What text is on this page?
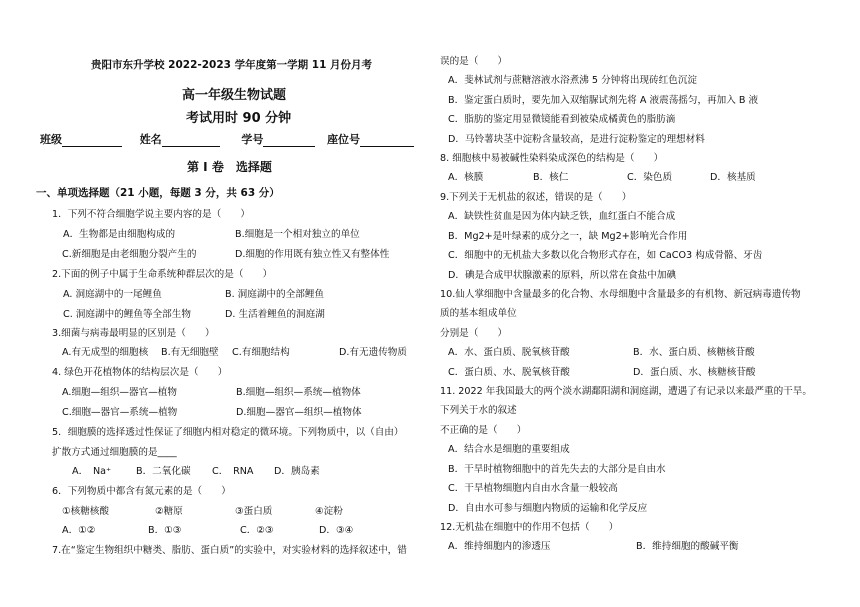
贵阳市东升学校 2022-2023 学年度第一学期 11 月份月考
高一年级生物试题
考试用时 90 分钟
班级	姓名	学号	座位号
第 Ⅰ 卷　选择题
一、单项选择题（21 小题，每题 3 分，共 63 分）
1．下列不符合细胞学说主要内容的是（　　）
A．生物都是由细胞构成的	B.细胞是一个相对独立的单位
C.新细胞是由老细胞分裂产生的	D.细胞的作用既有独立性又有整体性
2.下面的例子中属于生命系统种群层次的是（　　）
A. 洞庭湖中的一尾鲤鱼	B. 洞庭湖中的全部鲤鱼
C. 洞庭湖中的鲤鱼等全部生物	D. 生活着鲤鱼的洞庭湖
3.细菌与病毒最明显的区别是（　　）
A.有无成型的细胞核 B.有无细胞壁 C.有细胞结构	D.有无遗传物质
4. 绿色开花植物体的结构层次是（　　）
A.细胞—组织—器官—植物	B.细胞—组织—系统—植物体
C.细胞—器官—系统—植物	D.细胞—器官—组织—植物体
5．细胞膜的选择透过性保证了细胞内相对稳定的微环境。下列物质中，以（自由）
扩散方式通过细胞膜的是____
A．　Na⁺	B．二氧化碳 C．　RNA D．胰岛素
6．下列物质中都含有氮元素的是（　　）
①核糖核酸	②糖原	③蛋白质	④淀粉
A．①②	B．①③	C．②③	D．③④
7.在“鉴定生物组织中糖类、脂肪、蛋白质”的实验中，对实验材料的选择叙述中，错
误的是（　　）
A．斐林试剂与蔗糖溶液水浴煮沸 5 分钟将出现砖红色沉淀
B．鉴定蛋白质时，要先加入双缩脲试剂先将 A 液震荡摇匀，再加入 B 液
C．脂肪的鉴定用显微镜能看到被染成橘黄色的脂肪滴
D．马铃薯块茎中淀粉含量较高，是进行淀粉鉴定的理想材料
8. 细胞核中易被碱性染料染成深色的结构是（　　）
A．核膜	B．核仁	C．染色质	D．核基质
9.下列关于无机盐的叙述，错误的是（　　）
A．缺铁性贫血是因为体内缺乏铁，血红蛋白不能合成
B．Mg2+是叶绿素的成分之一，缺 Mg2+影响光合作用
C．细胞中的无机盐大多数以化合物形式存在，如 CaCO3 构成骨骼、牙齿
D．碘是合成甲状腺激素的原料，所以常在食盐中加碘
10.仙人掌细胞中含量最多的化合物、水母细胞中含量最多的有机物、新冠病毒遗传物
质的基本组成单位
分别是（　　）
A．水、蛋白质、脱氧核苷酸	B．水、蛋白质、核糖核苷酸
C．蛋白质、水、脱氧核苷酸	D．蛋白质、水、核糖核苷酸
11. 2022 年我国最大的两个淡水湖鄱阳湖和洞庭湖，遭遇了有记录以来最严重的干旱。
下列关于水的叙述
不正确的是（　　）
A．结合水是细胞的重要组成
B．干旱时植物细胞中的首先失去的大部分是自由水
C．干旱植物细胞内自由水含量一般较高
D．自由水可参与细胞内物质的运输和化学反应
12.无机盐在细胞中的作用不包括（　　）
A．维持细胞内的渗透压	B．维持细胞的酸碱平衡
